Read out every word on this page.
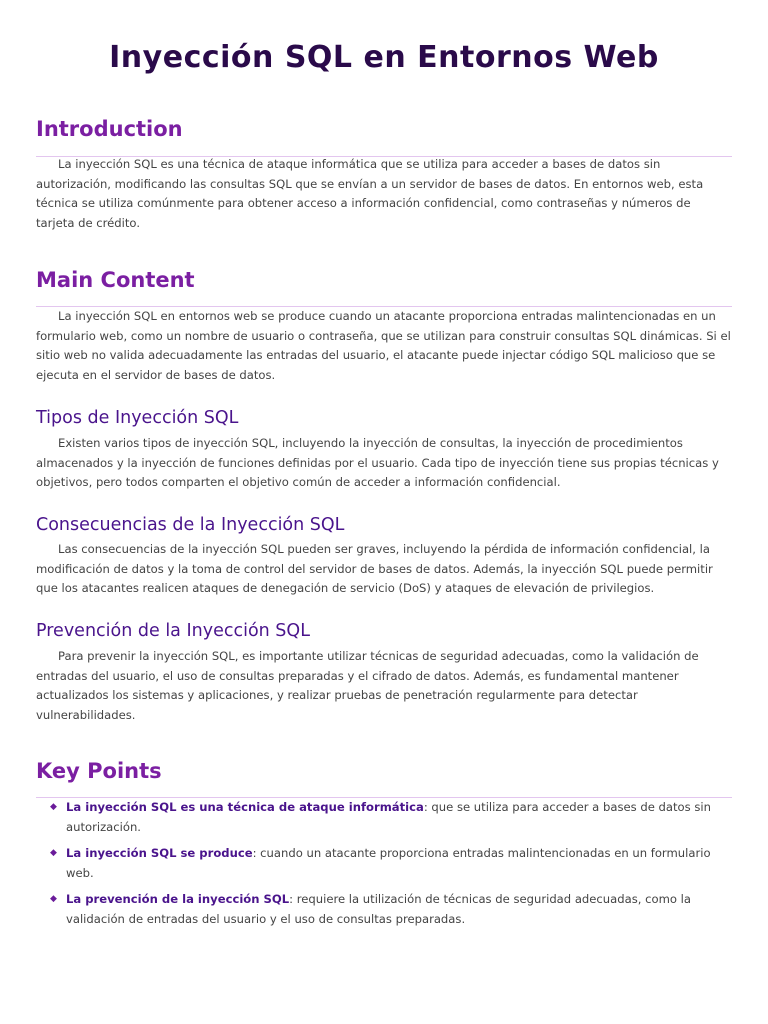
Inyección SQL en Entornos Web
Introduction

La inyección SQL es una técnica de ataque informática que se utiliza para acceder a bases de datos sin autorización, modificando las consultas SQL que se envían a un servidor de bases de datos. En entornos web, esta técnica se utiliza comúnmente para obtener acceso a información confidencial, como contraseñas y números de tarjeta de crédito.

Main Content

La inyección SQL en entornos web se produce cuando un atacante proporciona entradas malintencionadas en un formulario web, como un nombre de usuario o contraseña, que se utilizan para construir consultas SQL dinámicas. Si el sitio web no valida adecuadamente las entradas del usuario, el atacante puede injectar código SQL malicioso que se ejecuta en el servidor de bases de datos.

Tipos de Inyección SQL

Existen varios tipos de inyección SQL, incluyendo la inyección de consultas, la inyección de procedimientos almacenados y la inyección de funciones definidas por el usuario. Cada tipo de inyección tiene sus propias técnicas y objetivos, pero todos comparten el objetivo común de acceder a información confidencial.

Consecuencias de la Inyección SQL

Las consecuencias de la inyección SQL pueden ser graves, incluyendo la pérdida de información confidencial, la modificación de datos y la toma de control del servidor de bases de datos. Además, la inyección SQL puede permitir que los atacantes realicen ataques de denegación de servicio (DoS) y ataques de elevación de privilegios.

Prevención de la Inyección SQL

Para prevenir la inyección SQL, es importante utilizar técnicas de seguridad adecuadas, como la validación de entradas del usuario, el uso de consultas preparadas y el cifrado de datos. Además, es fundamental mantener actualizados los sistemas y aplicaciones, y realizar pruebas de penetración regularmente para detectar vulnerabilidades.

Key Points
◆ La inyección SQL es una técnica de ataque informática: que se utiliza para acceder a bases de datos sin autorización.
◆ La inyección SQL se produce: cuando un atacante proporciona entradas malintencionadas en un formulario web.
◆ La prevención de la inyección SQL: requiere la utilización de técnicas de seguridad adecuadas, como la validación de entradas del usuario y el uso de consultas preparadas.
